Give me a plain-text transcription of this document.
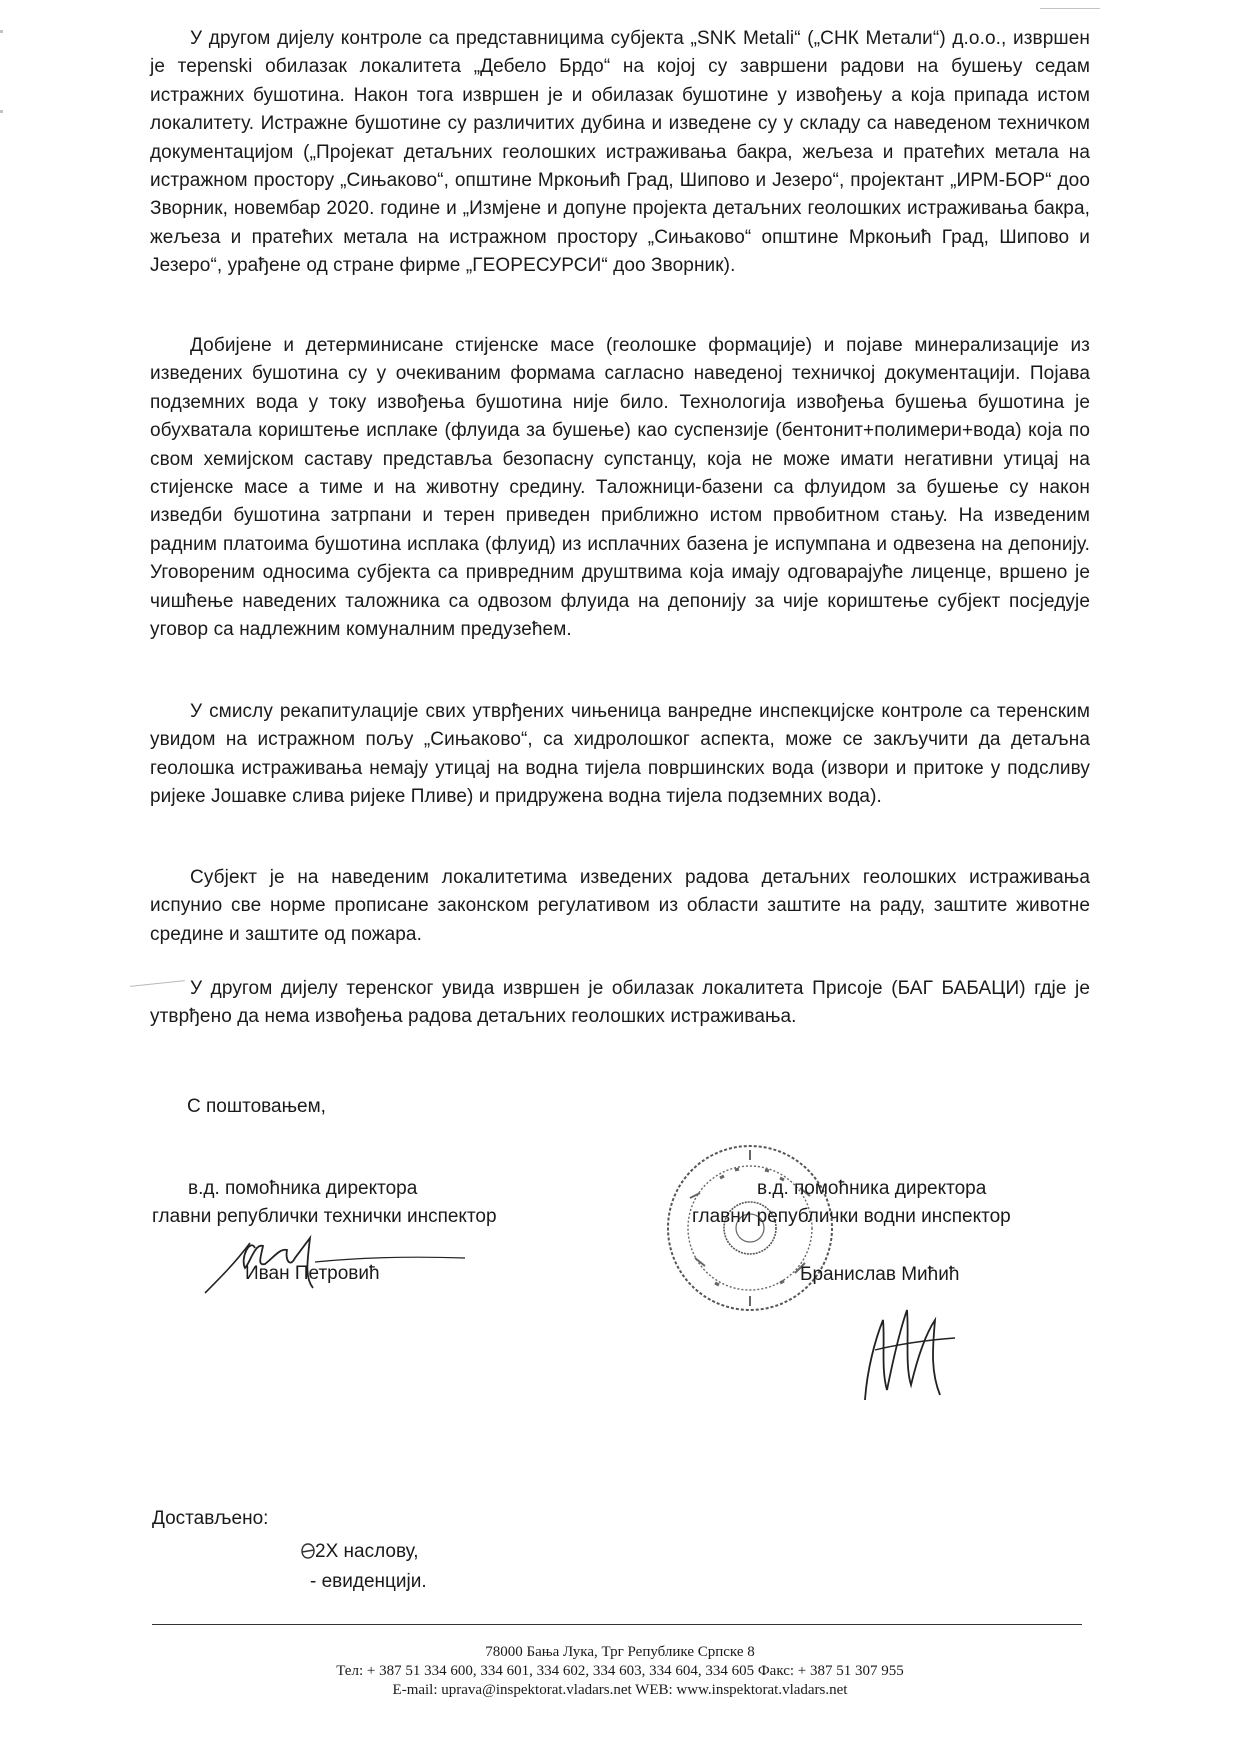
У другом дијелу контроле са представницима субјекта „SNK Metali“ („СНК Метали“) д.о.о., извршен је терenski обилазак локалитета „Дебело Брдо“ на којој су завршени радови на бушењу седам истражних бушотина. Након тога извршен је и обилазак бушотине у извођењу а која припада истом локалитету. Истражне бушотине су различитих дубина и изведене су у складу са наведеном техничком документацијом („Пројекат детаљних геолошких истраживања бакра, жељеза и пратећих метала на истражном простору „Сињаково“, општине Мркоњић Град, Шипово и Језеро“, пројектант „ИРМ-БОР“ доо Зворник, новембар 2020. године и „Измјене и допуне пројекта детаљних геолошких истраживања бакра, жељеза и пратећих метала на истражном простору „Сињаково“ општине Мркоњић Град, Шипово и Језеро“, урађене од стране фирме „ГЕОРЕСУРСИ“ доо Зворник).

Добијене и детерминисане стијенске масе (геолошке формације) и појаве минерализације из изведених бушотина су у очекиваним формама сагласно наведеној техничкој документацији. Појава подземних вода у току извођења бушотина није било. Технологија извођења бушења бушотина је обухватала кориштење исплаке (флуида за бушење) као суспензије (бентонит+полимери+вода) која по свом хемијском саставу представља безопасну супстанцу, која не може имати негативни утицај на стијенске масе а тиме и на животну средину. Таложници-базени са флуидом за бушење су након изведби бушотина затрпани и терен приведен приближно истом првобитном стању. На изведеним радним платоима бушотина исплака (флуид) из исплачних базена је испумпана и одвезена на депонију. Уговореним односима субјекта са привредним друштвима која имају одговарајуће лиценце, вршено је чишћење наведених таложника са одвозом флуида на депонију за чије кориштење субјект посједује уговор са надлежним комуналним предузећем.

У смислу рекапитулације свих утврђених чињеница ванредне инспекцијске контроле са теренским увидом на истражном пољу „Сињаково“, са хидролошког аспекта, може се закључити да детаљна геолошка истраживања немају утицај на водна тијела површинских вода (извори и притоке у подсливу ријеке Јошавке слива ријеке Пливе) и придружена водна тијела подземних вода).

Субјект је на наведеним локалитетима изведених радова детаљних геолошких истраживања испунио све норме прописане законском регулативом из области заштите на раду, заштите животне средине и заштите од пожара.

У другом дијелу теренског увида извршен је обилазак локалитета Присоје (БАГ БАБАЦИ) гдје је утврђено да нема извођења радова детаљних геолошких истраживања.

С поштовањем,
в.д. помоћника директора
главни републички технички инспектор
Иван Петровић
в.д. помоћника директора
главни републички водни инспектор
Бранислав Мићић
Достављено:
2Х наслову,
- евиденцији.
78000 Бања Лука, Трг Републике Српске 8
Тел: + 387 51 334 600, 334 601, 334 602, 334 603, 334 604, 334 605 Факс: + 387 51 307 955
E-mail: uprava@inspektorat.vladars.net WEB: www.inspektorat.vladars.net
